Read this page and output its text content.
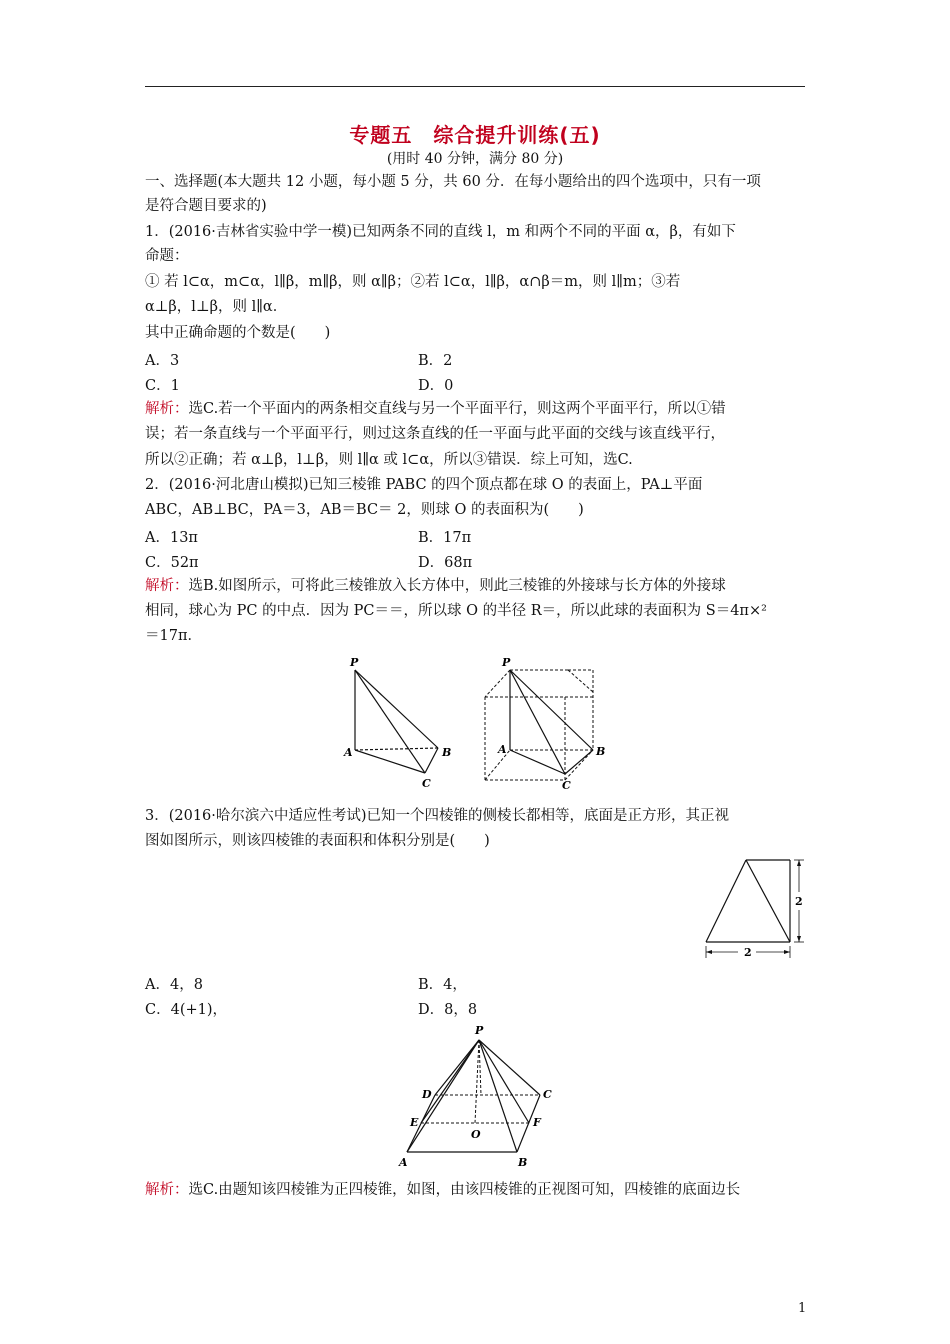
专题五　综合提升训练(五)
(用时 40 分钟，满分 80 分)
一、选择题(本大题共 12 小题，每小题 5 分，共 60 分．在每小题给出的四个选项中，只有一项
是符合题目要求的)
1．(2016·吉林省实验中学一模)已知两条不同的直线 l，m 和两个不同的平面 α，β，有如下
命题：
① 若 l⊂α，m⊂α，l∥β，m∥β，则 α∥β；②若 l⊂α，l∥β，α∩β＝m，则 l∥m；③若
α⊥β，l⊥β，则 l∥α．
其中正确命题的个数是(　　)
A．3	B．2
C．1	D．0
解析：选C.若一个平面内的两条相交直线与另一个平面平行，则这两个平面平行，所以①错
误；若一条直线与一个平面平行，则过这条直线的任一平面与此平面的交线与该直线平行，
所以②正确；若 α⊥β，l⊥β，则 l∥α 或 l⊂α，所以③错误．综上可知，选C.
2．(2016·河北唐山模拟)已知三棱锥 PABC 的四个顶点都在球 O 的表面上，PA⊥平面
ABC，AB⊥BC，PA＝3，AB＝BC＝ 2，则球 O 的表面积为(　　)
A．13π	B．17π
C．52π	D．68π
解析：选B.如图所示，可将此三棱锥放入长方体中，则此三棱锥的外接球与长方体的外接球
相同，球心为 PC 的中点．因为 PC＝＝，所以球 O 的半径 R＝，所以此球的表面积为 S＝4π×²
＝17π．
P
A	B
C
P
A	B
C
3．(2016·哈尔滨六中适应性考试)已知一个四棱锥的侧棱长都相等，底面是正方形，其正视
图如图所示，则该四棱锥的表面积和体积分别是(　　)
2
2
A．4，8	B．4，
C．4(+1)，	D．8，8
P
D	C
E	F
O
A	B
解析：选C.由题知该四棱锥为正四棱锥，如图，由该四棱锥的正视图可知，四棱锥的底面边长
1
